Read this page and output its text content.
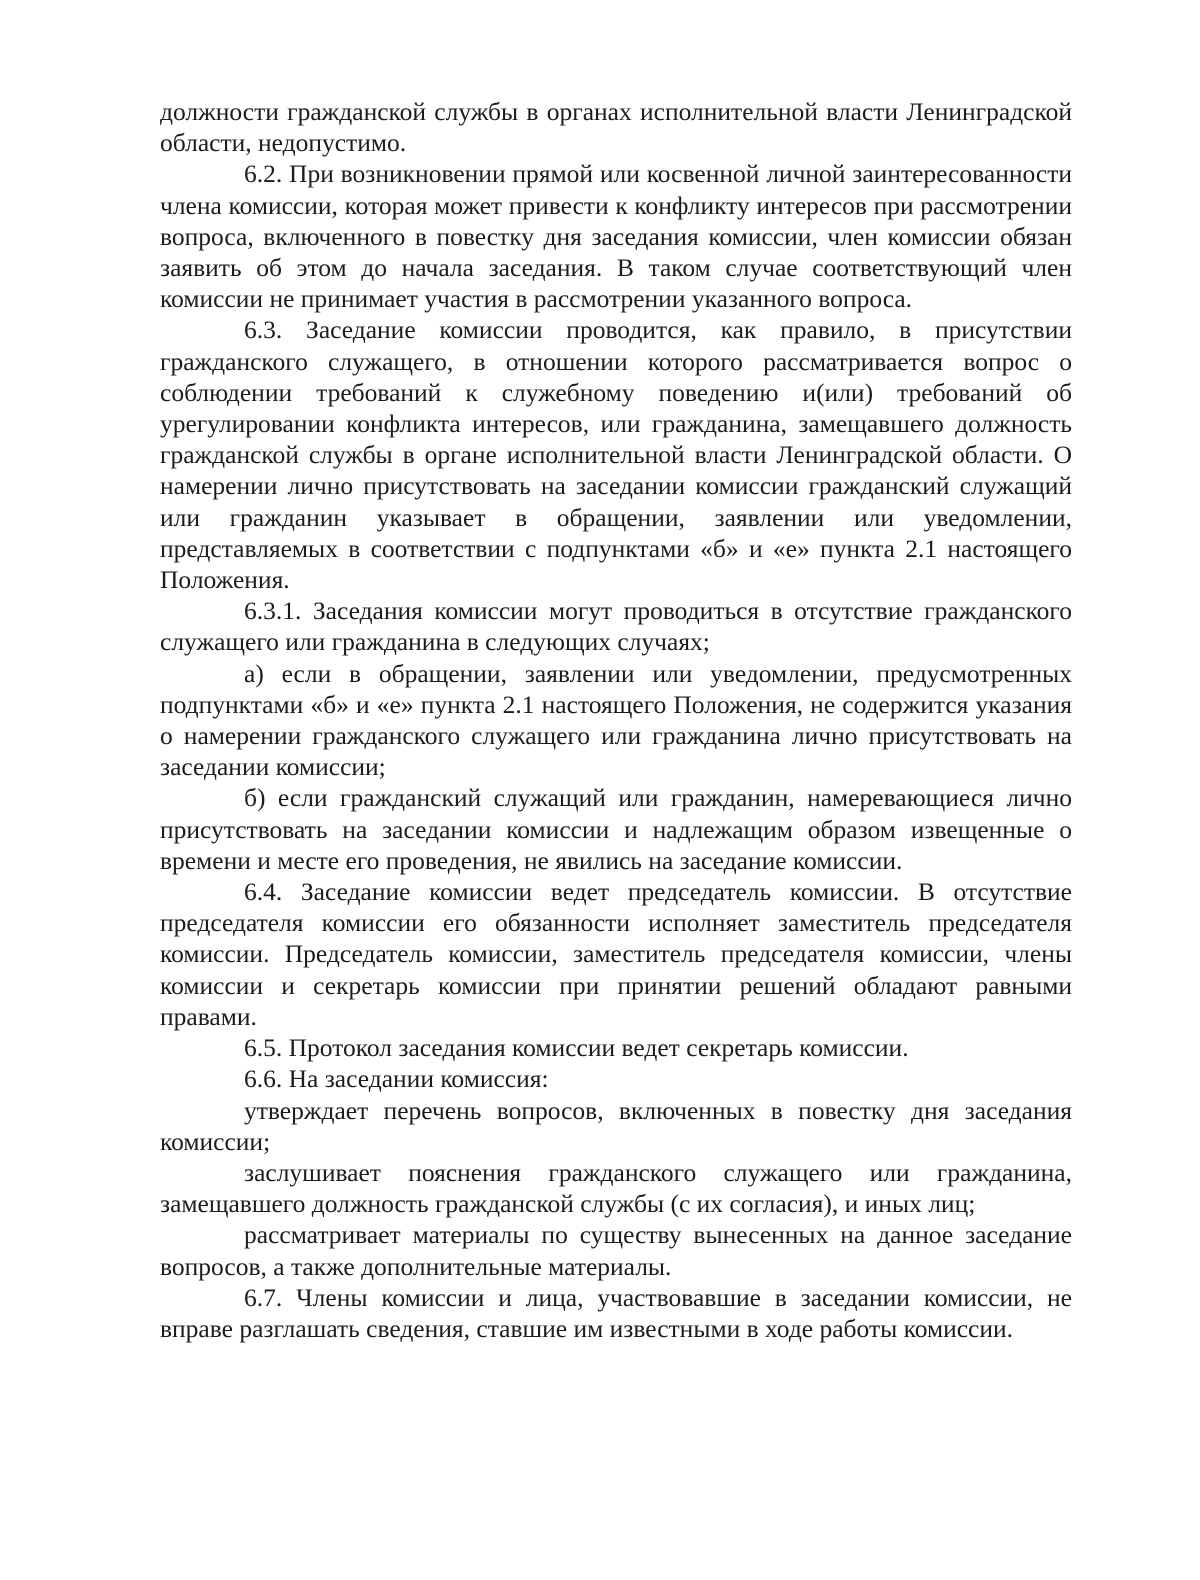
должности гражданской службы в органах исполнительной власти Ленинградской области, недопустимо.

6.2. При возникновении прямой или косвенной личной заинтересованности члена комиссии, которая может привести к конфликту интересов при рассмотрении вопроса, включенного в повестку дня заседания комиссии, член комиссии обязан заявить об этом до начала заседания. В таком случае соответствующий член комиссии не принимает участия в рассмотрении указанного вопроса.

6.3. Заседание комиссии проводится, как правило, в присутствии гражданского служащего, в отношении которого рассматривается вопрос о соблюдении требований к служебному поведению и(или) требований об урегулировании конфликта интересов, или гражданина, замещавшего должность гражданской службы в органе исполнительной власти Ленинградской области. О намерении лично присутствовать на заседании комиссии гражданский служащий или гражданин указывает в обращении, заявлении или уведомлении, представляемых в соответствии с подпунктами «б» и «е» пункта 2.1 настоящего Положения.

6.3.1. Заседания комиссии могут проводиться в отсутствие гражданского служащего или гражданина в следующих случаях;

а) если в обращении, заявлении или уведомлении, предусмотренных подпунктами «б» и «е» пункта 2.1 настоящего Положения, не содержится указания о намерении гражданского служащего или гражданина лично присутствовать на заседании комиссии;

б) если гражданский служащий или гражданин, намеревающиеся лично присутствовать на заседании комиссии и надлежащим образом извещенные о времени и месте его проведения, не явились на заседание комиссии.

6.4. Заседание комиссии ведет председатель комиссии. В отсутствие председателя комиссии его обязанности исполняет заместитель председателя комиссии. Председатель комиссии, заместитель председателя комиссии, члены комиссии и секретарь комиссии при принятии решений обладают равными правами.

6.5. Протокол заседания комиссии ведет секретарь комиссии.

6.6. На заседании комиссия:

утверждает перечень вопросов, включенных в повестку дня заседания комиссии;

заслушивает пояснения гражданского служащего или гражданина, замещавшего должность гражданской службы (с их согласия), и иных лиц;

рассматривает материалы по существу вынесенных на данное заседание вопросов, а также дополнительные материалы.

6.7. Члены комиссии и лица, участвовавшие в заседании комиссии, не вправе разглашать сведения, ставшие им известными в ходе работы комиссии.
